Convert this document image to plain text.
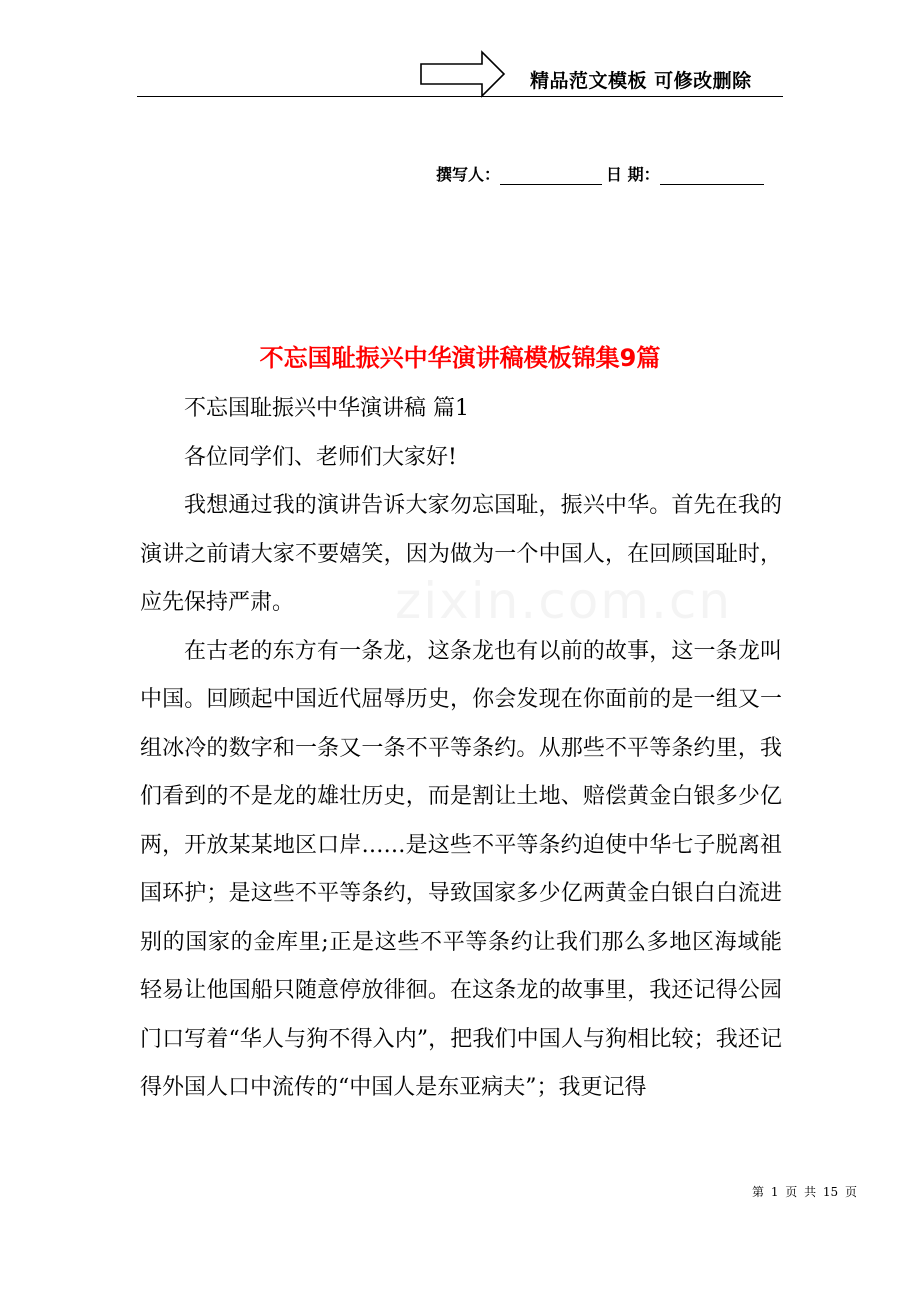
精品范文模板 可修改删除
撰写人：	日 期：
不忘国耻振兴中华演讲稿模板锦集9篇

不忘国耻振兴中华演讲稿 篇1

各位同学们、老师们大家好!

我想通过我的演讲告诉大家勿忘国耻，振兴中华。首先在我的演讲之前请大家不要嬉笑，因为做为一个中国人，在回顾国耻时，应先保持严肃。

在古老的东方有一条龙，这条龙也有以前的故事，这一条龙叫中国。回顾起中国近代屈辱历史，你会发现在你面前的是一组又一组冰冷的数字和一条又一条不平等条约。从那些不平等条约里，我们看到的不是龙的雄壮历史，而是割让土地、赔偿黄金白银多少亿两，开放某某地区口岸……是这些不平等条约迫使中华七子脱离祖国环护；是这些不平等条约，导致国家多少亿两黄金白银白白流进别的国家的金库里;正是这些不平等条约让我们那么多地区海域能轻易让他国船只随意停放徘徊。在这条龙的故事里，我还记得公园门口写着“华人与狗不得入内”，把我们中国人与狗相比较；我还记得外国人口中流传的“中国人是东亚病夫”；我更记得

第 1 页 共 15 页
